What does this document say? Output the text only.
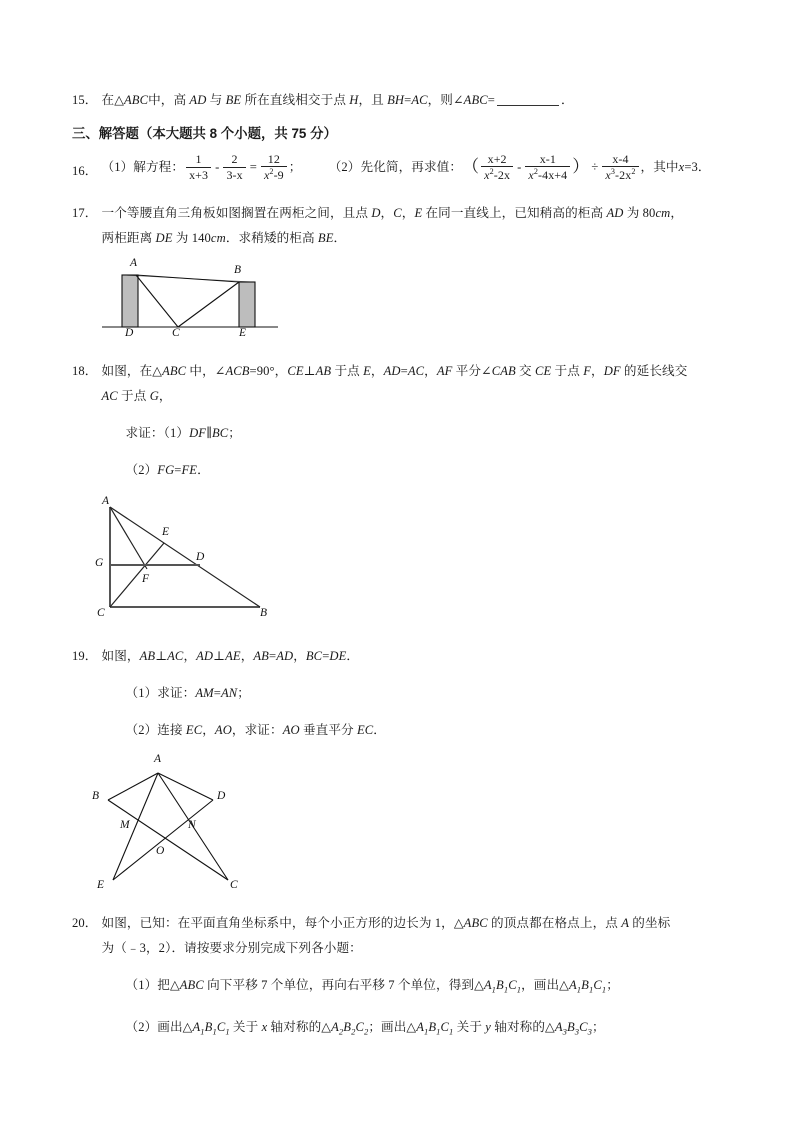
15． 在△ABC中，高 AD 与 BE 所在直线相交于点 H，且 BH=AC，则∠ABC=	．
三、解答题（本大题共 8 个小题，共 75 分）
16． （1）解方程： $\frac{1}{x+3} - \frac{2}{3-x} = \frac{12}{x^2-9}$ ；
（2）先化简，再求值： （ $\frac{x+2}{x^2-2x} - \frac{x-1}{x^2-4x+4}$ ） ÷ $\frac{x-4}{x^3-2x^2}$ ，其中 x =3．
17． 一个等腰直角三角板如图搁置在两柜之间，且点 D，C，E 在同一直线上，已知稍高的柜高 AD 为 80cm，
两柜距离 DE 为 140cm．求稍矮的柜高 BE．
A
B
D	C	E
18． 如图，在△ABC 中，∠ACB=90°，CE⊥AB 于点 E，AD=AC，AF 平分∠CAB 交 CE 于点 F，DF 的延长线交
AC 于点 G，
求证：（1）DF∥BC；
（2）FG=FE．
A
E
G	D
F
C	B
19． 如图，AB⊥AC，AD⊥AE，AB=AD，BC=DE．
（1）求证：AM=AN；
（2）连接 EC，AO，求证：AO 垂直平分 EC．
A
B	D
M	N
O
E	C
20． 如图，已知：在平面直角坐标系中，每个小正方形的边长为 1，△ABC 的顶点都在格点上，点 A 的坐标
为（﹣3，2）．请按要求分别完成下列各小题：
（1）把△ABC 向下平移 7 个单位，再向右平移 7 个单位，得到$\triangle A_1B_1C_1$，画出$\triangle A_1B_1C_1$；
（2）画出$\triangle A_1B_1C_1$ 关于 x 轴对称的$\triangle A_2B_2C_2$；画出$\triangle A_1B_1C_1$ 关于 y 轴对称的$\triangle A_3B_3C_3$；
